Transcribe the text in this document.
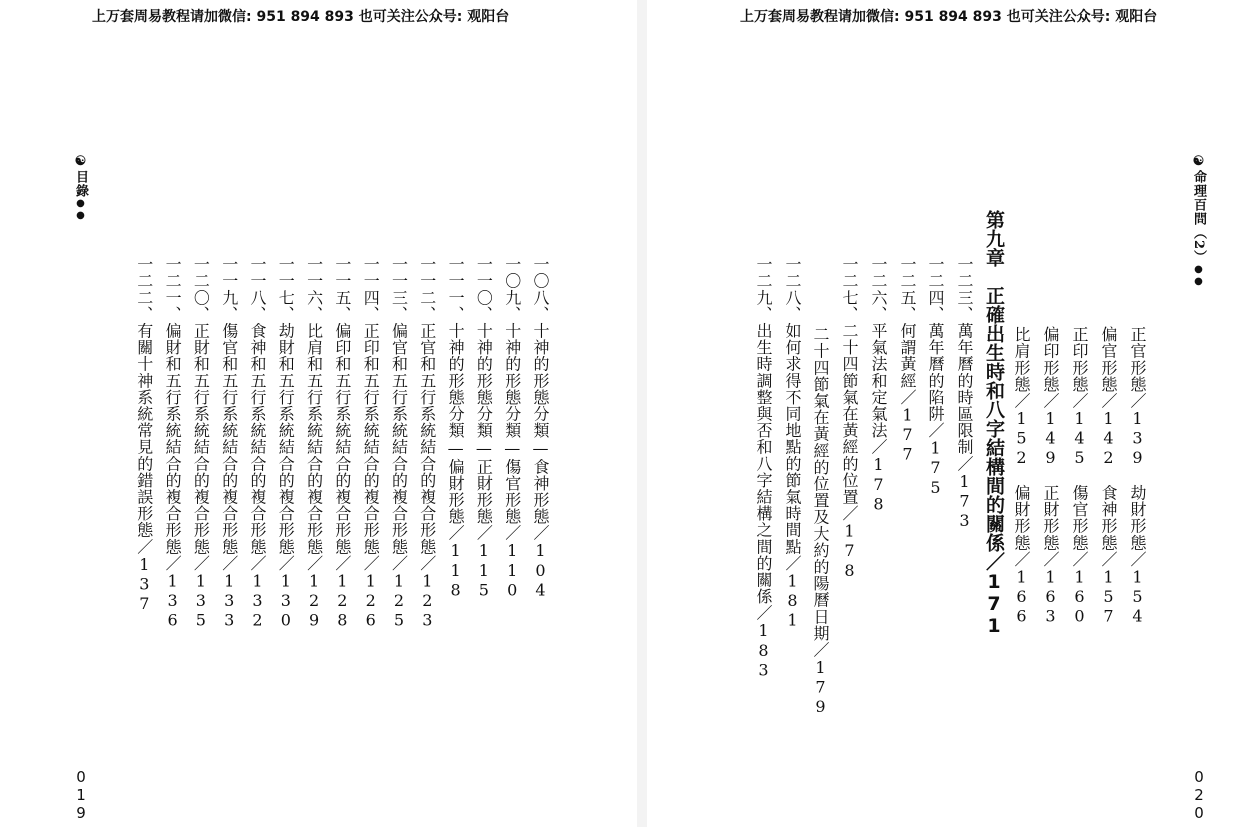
上万套周易教程请加微信: 951 894 893 也可关注公众号: 观阳台
☯目錄●●
一〇八、十神的形態分類—食神形態／104
一〇九、十神的形態分類—傷官形態／110
一一〇、十神的形態分類—正財形態／115
一一一、十神的形態分類—偏財形態／118
一一二、正官和五行系統結合的複合形態／123
一一三、偏官和五行系統結合的複合形態／125
一一四、正印和五行系統結合的複合形態／126
一一五、偏印和五行系統結合的複合形態／128
一一六、比肩和五行系統結合的複合形態／129
一一七、劫財和五行系統結合的複合形態／130
一一八、食神和五行系統結合的複合形態／132
一一九、傷官和五行系統結合的複合形態／133
一二〇、正財和五行系統結合的複合形態／135
一二一、偏財和五行系統結合的複合形態／136
一二二、有關十神系統常見的錯誤形態／137
019
上万套周易教程请加微信: 951 894 893 也可关注公众号: 观阳台
☯命理百問（2）●●
正官形態／139　劫財形態／154
偏官形態／142　食神形態／157
正印形態／145　傷官形態／160
偏印形態／149　正財形態／163
比肩形態／152　偏財形態／166
第九章　正確出生時和八字結構間的關係／171
一二三、萬年曆的時區限制／173
一二四、萬年曆的陷阱／175
一二五、何謂黃經／177
一二六、平氣法和定氣法／178
一二七、二十四節氣在黃經的位置／178
二十四節氣在黃經的位置及大約的陽曆日期／179
一二八、如何求得不同地點的節氣時間點／181
一二九、出生時調整與否和八字結構之間的關係／183
020
